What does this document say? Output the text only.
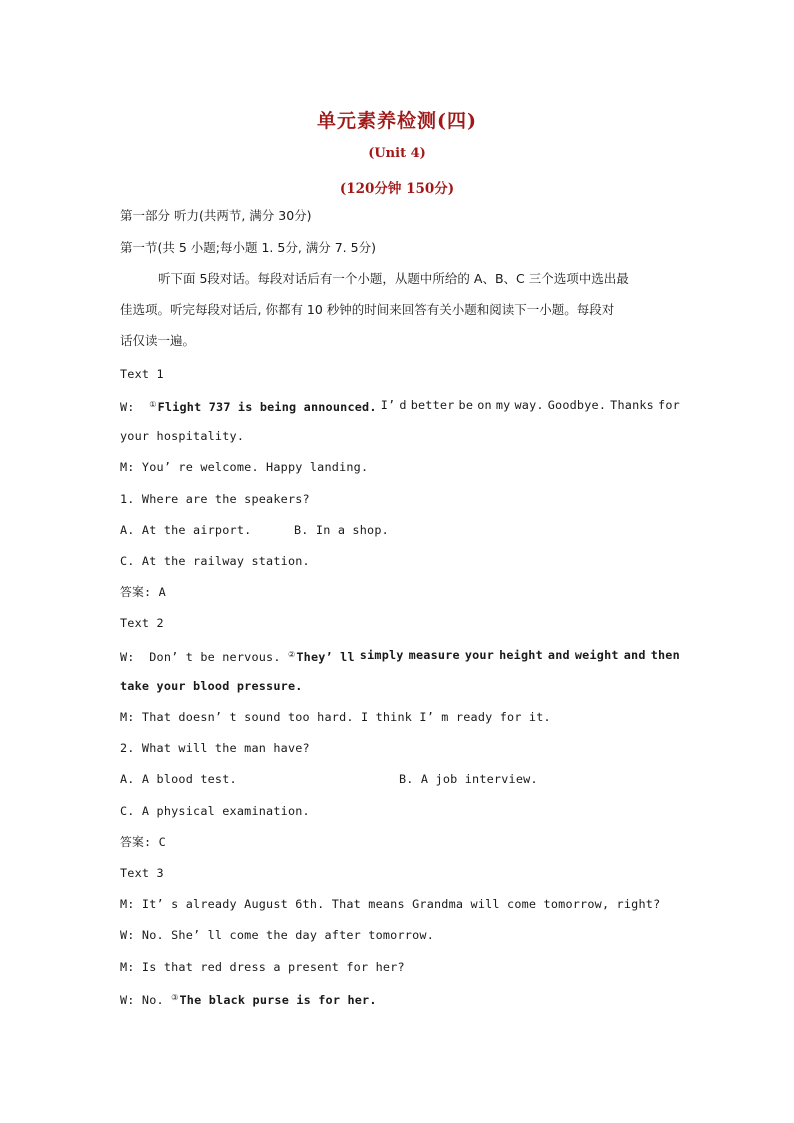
单元素养检测(四)
(Unit 4)
(120分钟 150分)
第一部分 听力(共两节, 满分 30分)
第一节(共 5 小题;每小题 1. 5分, 满分 7. 5分)
听下面 5段对话。每段对话后有一个小题，从题中所给的 A、B、C 三个选项中选出最
佳选项。听完每段对话后, 你都有 10 秒钟的时间来回答有关小题和阅读下一小题。每段对
话仅读一遍。
Text 1
W:  ①Flight 737 is being announced. I’ d better be on my way. Goodbye. Thanks for
your hospitality.
M: You’ re welcome. Happy landing.
1. Where are the speakers?
A. At the airport.	B. In a shop.
C. At the railway station.
答案: A
Text 2
W:  Don’ t be nervous. ②They’ ll simply measure your height and weight and then
take your blood pressure.
M: That doesn’ t sound too hard. I think I’ m ready for it.
2. What will the man have?
A. A blood test.	B. A job interview.
C. A physical examination.
答案: C
Text 3
M: It’ s already August 6th. That means Grandma will come tomorrow, right?
W: No. She’ ll come the day after tomorrow.
M: Is that red dress a present for her?
W: No. ③The black purse is for her.
